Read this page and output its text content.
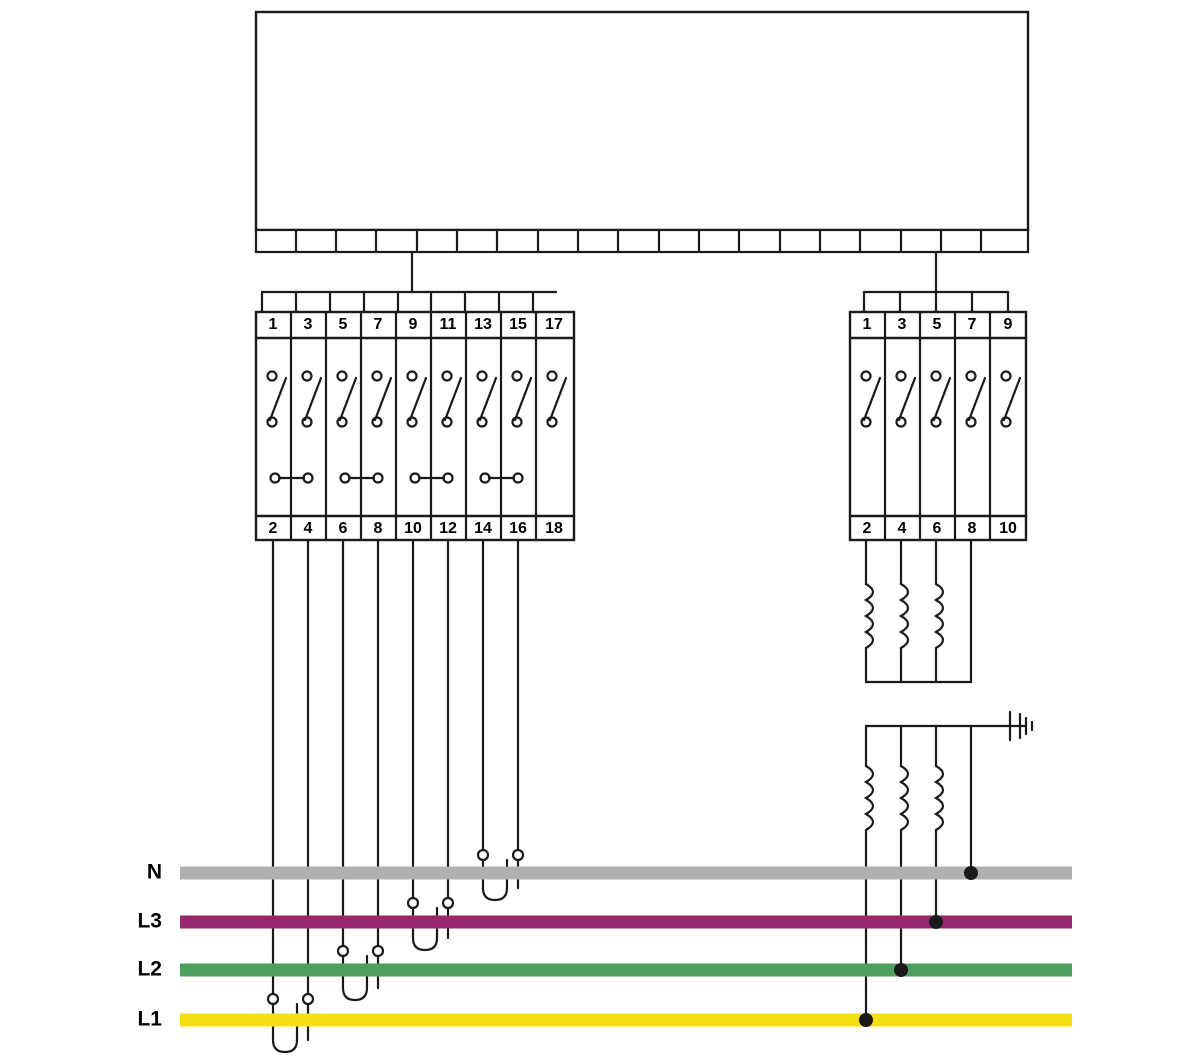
1 3 5 7 9 11 13 15 17
2 4 6 8 10 12 14 16 18
1 3 5 7 9
2 4 6 8 10
N
L3
L2
L1
